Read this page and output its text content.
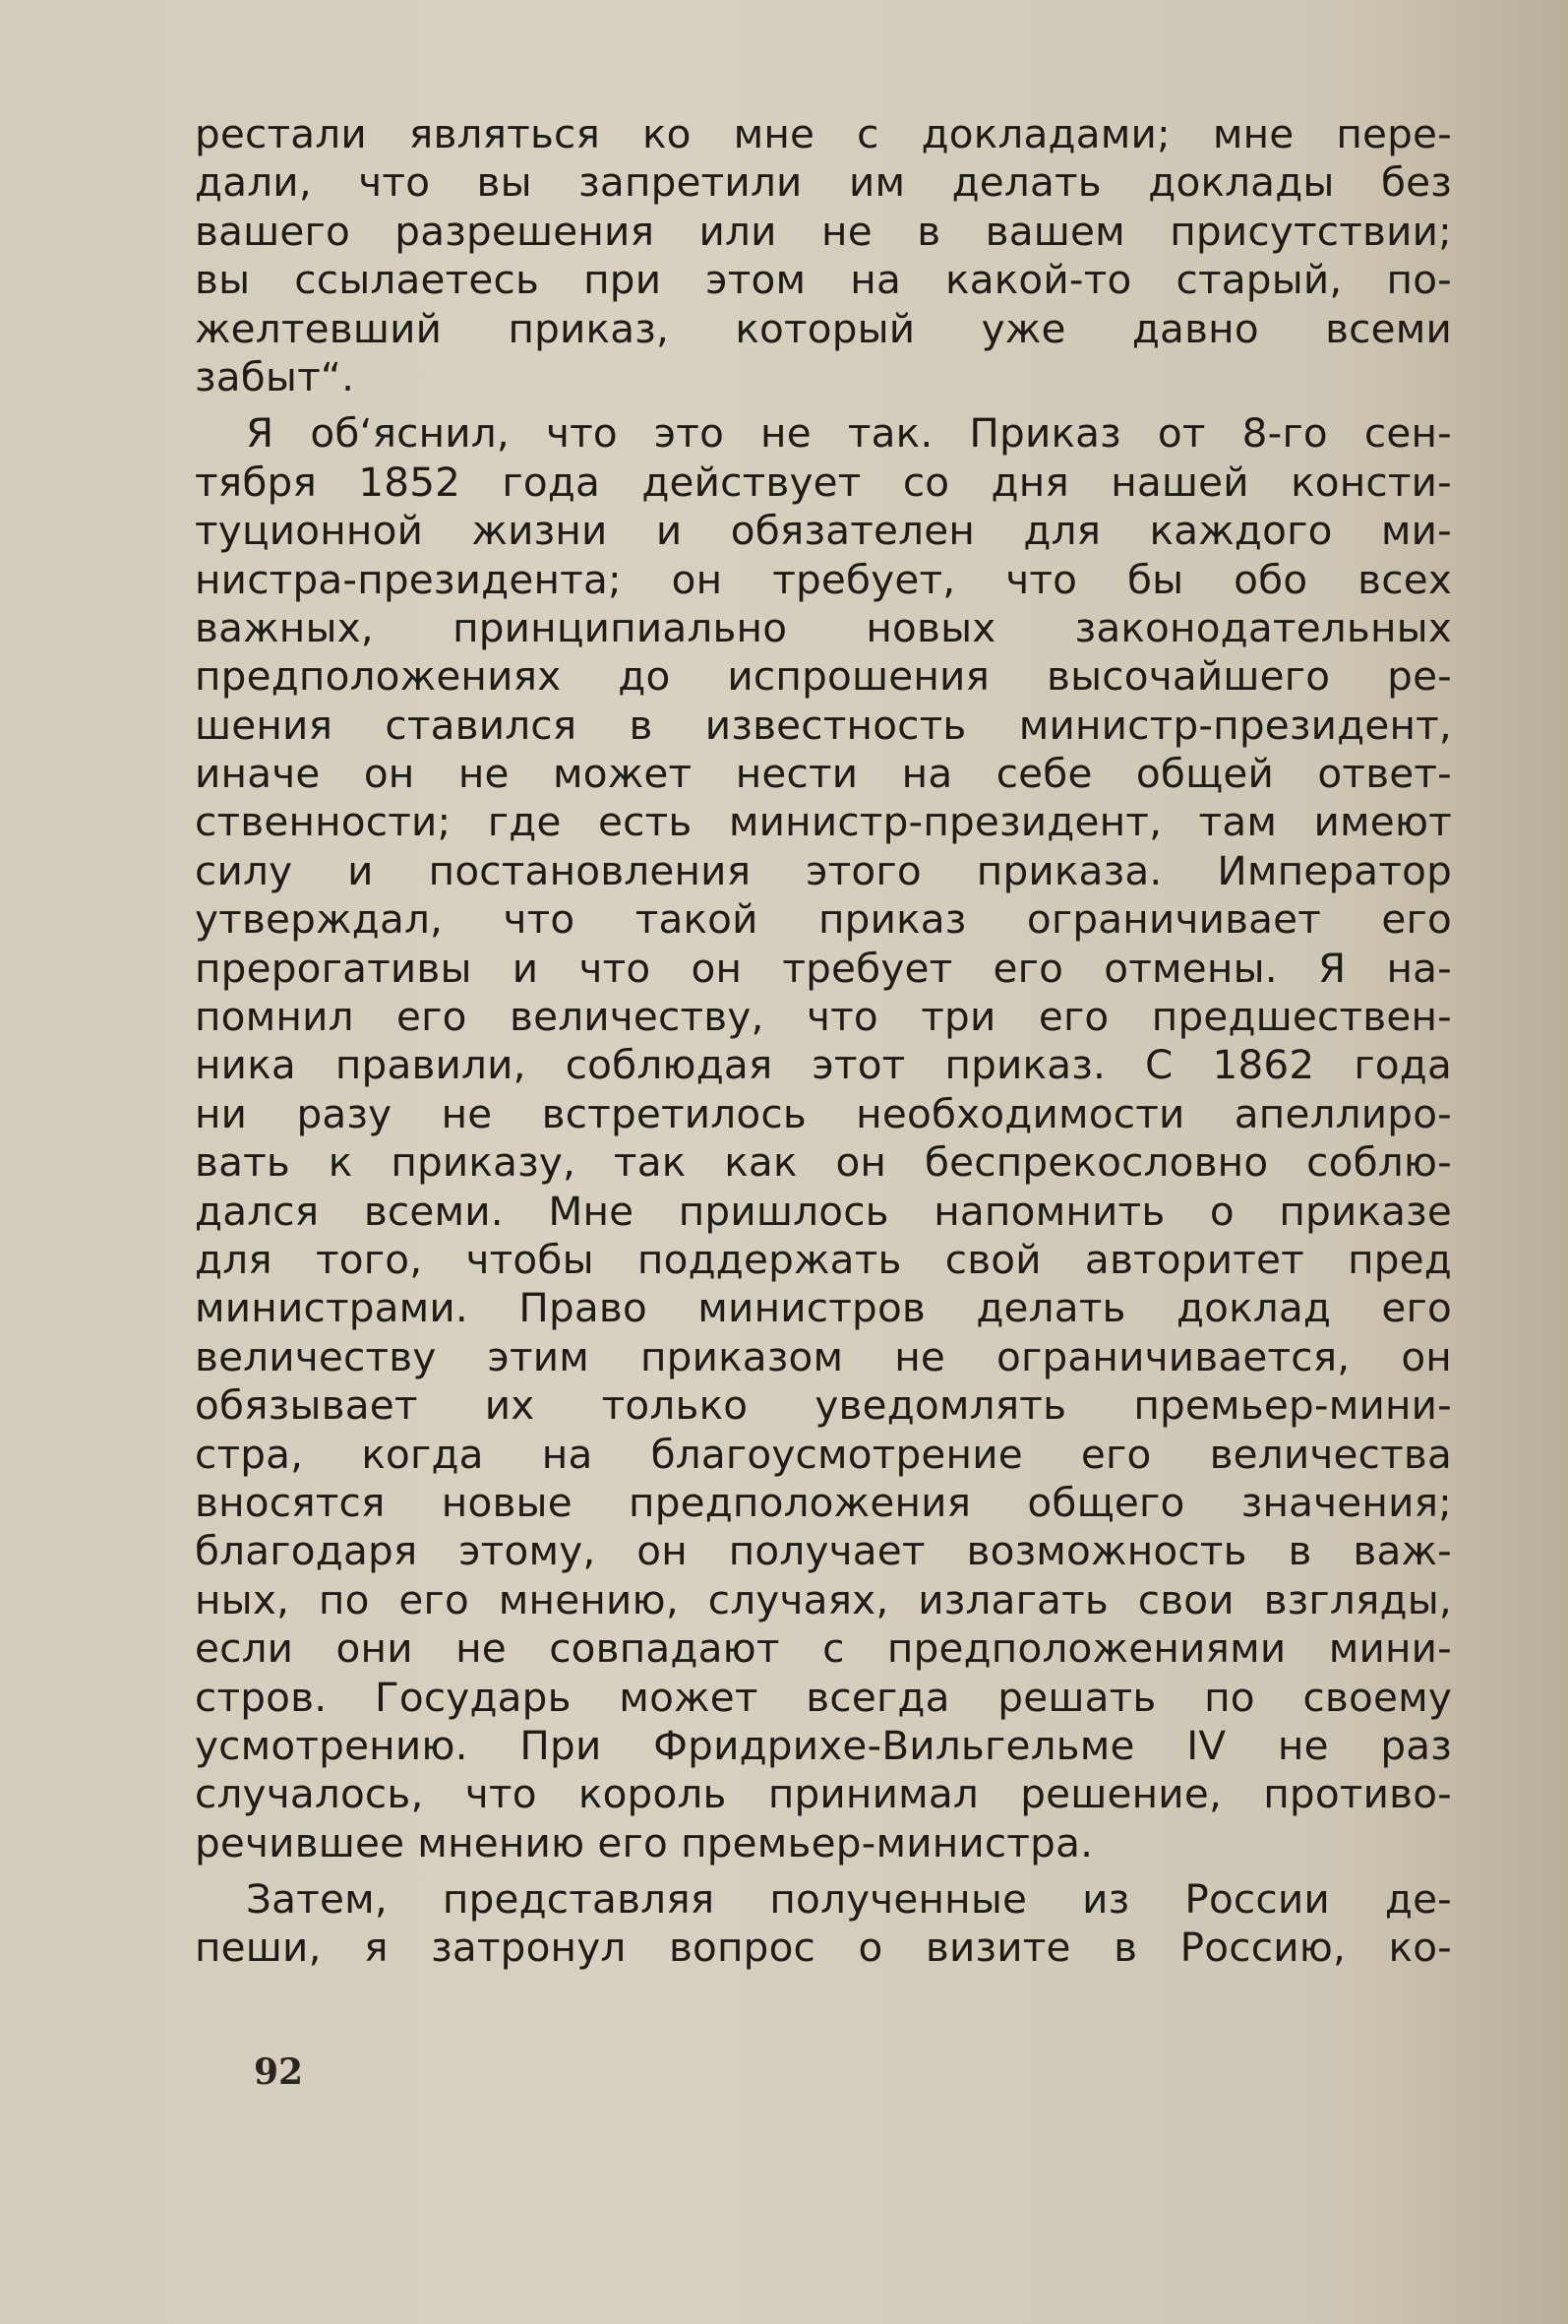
рестали являться ко мне с докладами; мне пере-
дали, что вы запретили им делать доклады без
вашего разрешения или не в вашем присутствии;
вы ссылаетесь при этом на какой-то старый, по-
желтевший приказ, который уже давно всеми
забыт“.
Я об‘яснил, что это не так. Приказ от 8-го сен-
тября 1852 года действует со дня нашей консти-
туционной жизни и обязателен для каждого ми-
нистра-президента; он требует, что бы обо всех
важных, принципиально новых законодательных
предположениях до испрошения высочайшего ре-
шения ставился в известность министр-президент,
иначе он не может нести на себе общей ответ-
ственности; где есть министр-президент, там имеют
силу и постановления этого приказа. Император
утверждал, что такой приказ ограничивает его
прерогативы и что он требует его отмены. Я на-
помнил его величеству, что три его предшествен-
ника правили, соблюдая этот приказ. С 1862 года
ни разу не встретилось необходимости апеллиро-
вать к приказу, так как он беспрекословно соблю-
дался всеми. Мне пришлось напомнить о приказе
для того, чтобы поддержать свой авторитет пред
министрами. Право министров делать доклад его
величеству этим приказом не ограничивается, он
обязывает их только уведомлять премьер-мини-
стра, когда на благоусмотрение его величества
вносятся новые предположения общего значения;
благодаря этому, он получает возможность в важ-
ных, по его мнению, случаях, излагать свои взгляды,
если они не совпадают с предположениями мини-
стров. Государь может всегда решать по своему
усмотрению. При Фридрихе-Вильгельме IV не раз
случалось, что король принимал решение, противо-
речившее мнению его премьер-министра.
Затем, представляя полученные из России де-
пеши, я затронул вопрос о визите в Россию, ко-
92
